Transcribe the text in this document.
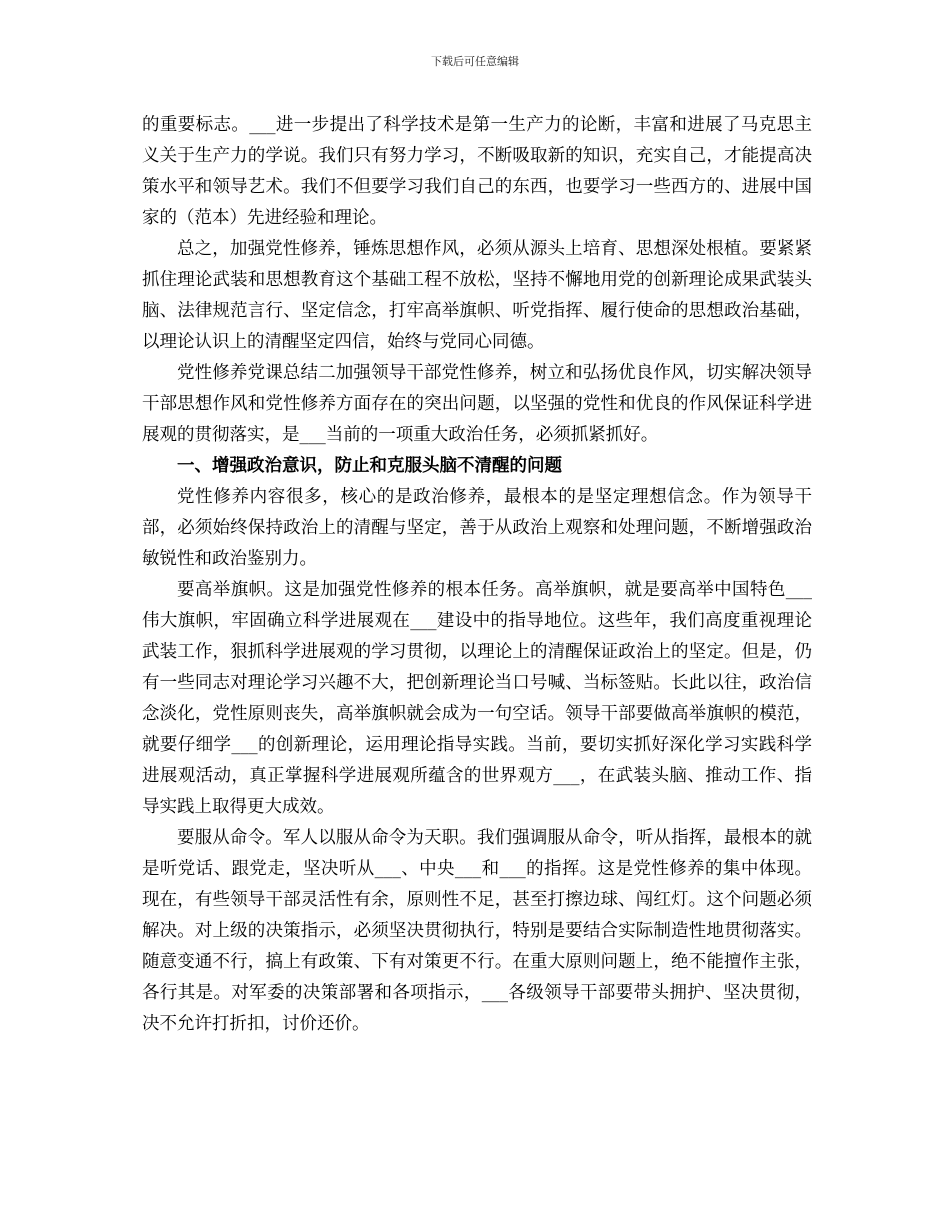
下载后可任意编辑

的重要标志。___进一步提出了科学技术是第一生产力的论断，丰富和进展了马克思主义关于生产力的学说。我们只有努力学习，不断吸取新的知识，充实自己，才能提高决策水平和领导艺术。我们不但要学习我们自己的东西，也要学习一些西方的、进展中国家的（范本）先进经验和理论。

总之，加强党性修养，锤炼思想作风，必须从源头上培育、思想深处根植。要紧紧抓住理论武装和思想教育这个基础工程不放松，坚持不懈地用党的创新理论成果武装头脑、法律规范言行、坚定信念，打牢高举旗帜、听党指挥、履行使命的思想政治基础，以理论认识上的清醒坚定四信，始终与党同心同德。

党性修养党课总结二加强领导干部党性修养，树立和弘扬优良作风，切实解决领导干部思想作风和党性修养方面存在的突出问题，以坚强的党性和优良的作风保证科学进展观的贯彻落实，是___当前的一项重大政治任务，必须抓紧抓好。

一、增强政治意识，防止和克服头脑不清醒的问题

党性修养内容很多，核心的是政治修养，最根本的是坚定理想信念。作为领导干部，必须始终保持政治上的清醒与坚定，善于从政治上观察和处理问题，不断增强政治敏锐性和政治鉴别力。

要高举旗帜。这是加强党性修养的根本任务。高举旗帜，就是要高举中国特色___伟大旗帜，牢固确立科学进展观在___建设中的指导地位。这些年，我们高度重视理论武装工作，狠抓科学进展观的学习贯彻，以理论上的清醒保证政治上的坚定。但是，仍有一些同志对理论学习兴趣不大，把创新理论当口号喊、当标签贴。长此以往，政治信念淡化，党性原则丧失，高举旗帜就会成为一句空话。领导干部要做高举旗帜的模范，就要仔细学___的创新理论，运用理论指导实践。当前，要切实抓好深化学习实践科学进展观活动，真正掌握科学进展观所蕴含的世界观方___，在武装头脑、推动工作、指导实践上取得更大成效。

要服从命令。军人以服从命令为天职。我们强调服从命令，听从指挥，最根本的就是听党话、跟党走，坚决听从___、中央___和___的指挥。这是党性修养的集中体现。现在，有些领导干部灵活性有余，原则性不足，甚至打擦边球、闯红灯。这个问题必须解决。对上级的决策指示，必须坚决贯彻执行，特别是要结合实际制造性地贯彻落实。随意变通不行，搞上有政策、下有对策更不行。在重大原则问题上，绝不能擅作主张，各行其是。对军委的决策部署和各项指示，___各级领导干部要带头拥护、坚决贯彻，决不允许打折扣，讨价还价。
